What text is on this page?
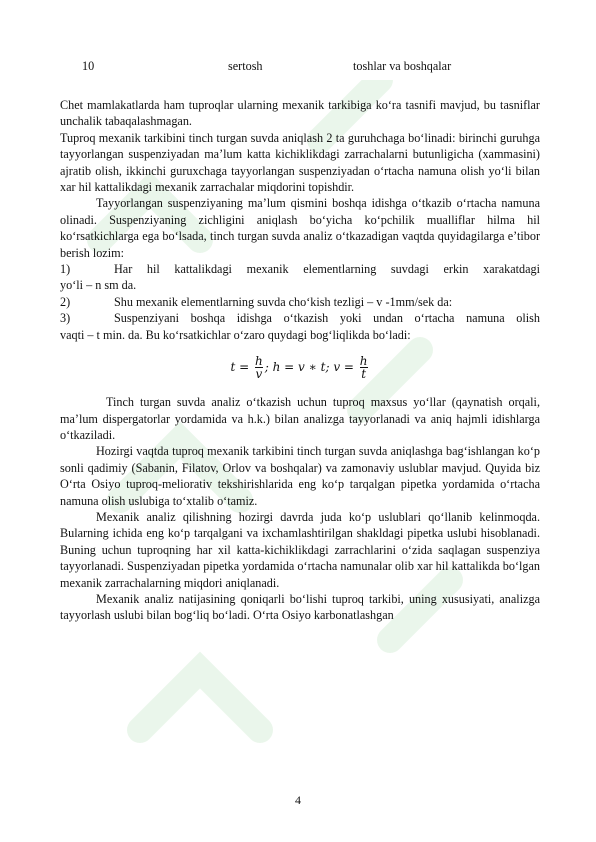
10	sertosh	toshlar va boshqalar

Chet mamlakatlarda ham tuproqlar ularning mexanik tarkibiga ko‘ra tasnifi mavjud, bu tasniflar unchalik tabaqalashmagan.

Tuproq mexanik tarkibini tinch turgan suvda aniqlash 2 ta guruhchaga bo‘linadi: birinchi guruhga tayyorlangan suspenziyadan ma’lum katta kichiklikdagi zarrachalarni butunligicha (xammasini) ajratib olish, ikkinchi guruxchaga tayyorlangan suspenziyadan o‘rtacha namuna olish yo‘li bilan xar hil kattalikdagi mexanik zarrachalar miqdorini topishdir.

Tayyorlangan suspenziyaning ma’lum qismini boshqa idishga o‘tkazib o‘rtacha namuna olinadi. Suspenziyaning zichligini aniqlash bo‘yicha ko‘pchilik mualliflar hilma hil ko‘rsatkichlarga ega bo‘lsada, tinch turgan suvda analiz o‘tkazadigan vaqtda quyidagilarga e’tibor berish lozim:

1)	Har hil kattalikdagi mexanik elementlarning suvdagi erkin xarakatdagi
yo‘li – n sm da.
2)	Shu mexanik elementlarning suvda cho‘kish tezligi – v -1mm/sek da:
3)	Suspenziyani boshqa idishga o‘tkazish yoki undan o‘rtacha namuna olish
vaqti – t min. da. Bu ko‘rsatkichlar o‘zaro quydagi bog‘liqlikda bo‘ladi:
$t = \frac{h}{v}$ ; h = v ∗ t; $v = \frac{h}{t}$

Tinch turgan suvda analiz o‘tkazish uchun tuproq maxsus yo‘llar (qaynatish orqali, ma’lum dispergatorlar yordamida va h.k.) bilan analizga tayyorlanadi va aniq hajmli idishlarga o‘tkaziladi.

Hozirgi vaqtda tuproq mexanik tarkibini tinch turgan suvda aniqlashga bag‘ishlangan ko‘p sonli qadimiy (Sabanin, Filatov, Orlov va boshqalar) va zamonaviy uslublar mavjud. Quyida biz O‘rta Osiyo tuproq-meliorativ tekshirishlarida eng ko‘p tarqalgan pipetka yordamida o‘rtacha namuna olish uslubiga to‘xtalib o‘tamiz.

Mexanik analiz qilishning hozirgi davrda juda ko‘p uslublari qo‘llanib kelinmoqda. Bularning ichida eng ko‘p tarqalgani va ixchamlashtirilgan shakldagi pipetka uslubi hisoblanadi. Buning uchun tuproqning har xil katta-kichiklikdagi zarrachlarini o‘zida saqlagan suspenziya tayyorlanadi. Suspenziyadan pipetka yordamida o‘rtacha namunalar olib xar hil kattalikda bo‘lgan mexanik zarrachalarning miqdori aniqlanadi.

Mexanik analiz natijasining qoniqarli bo‘lishi tuproq tarkibi, uning xususiyati, analizga tayyorlash uslubi bilan bog‘liq bo‘ladi. O‘rta Osiyo karbonatlashgan

4
